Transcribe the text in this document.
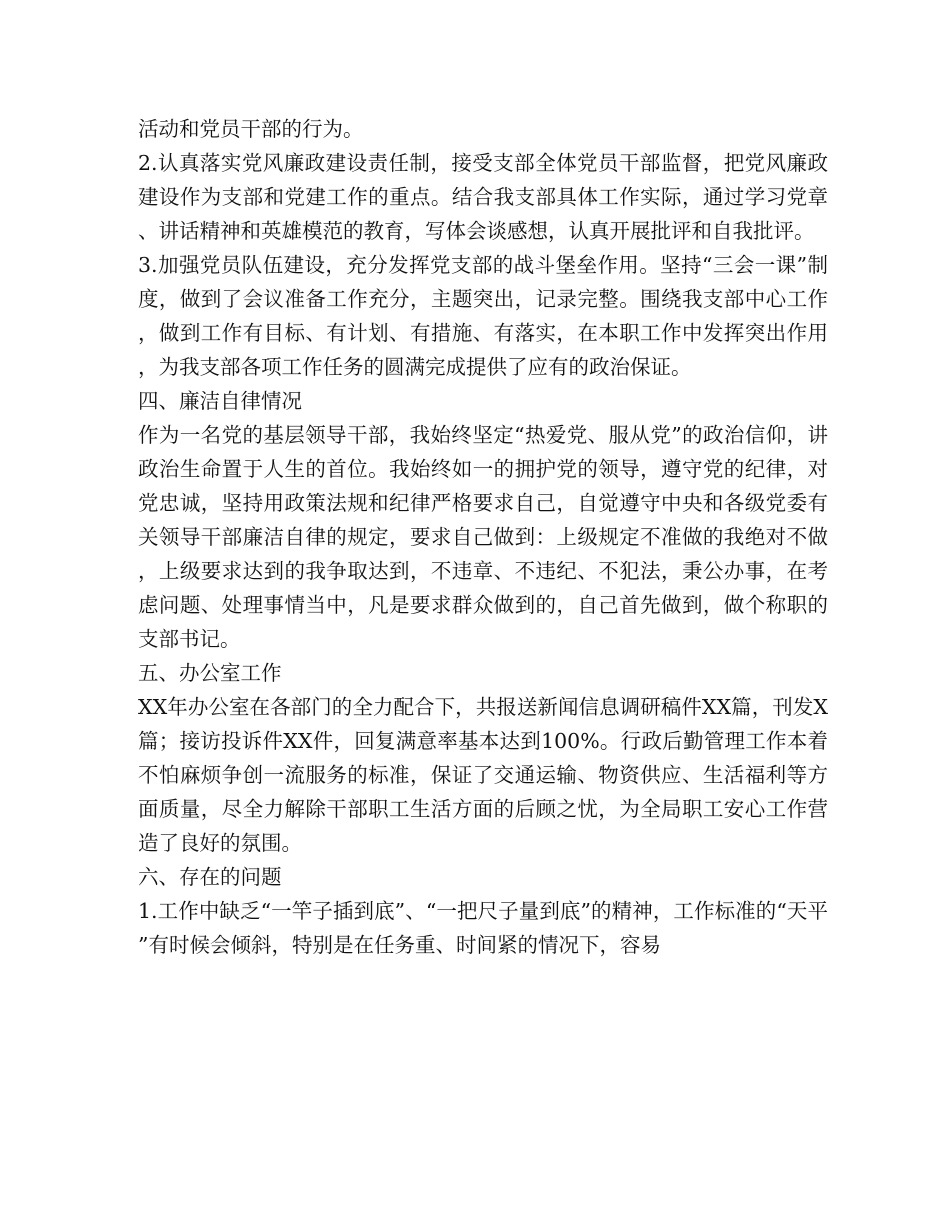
活动和党员干部的行为。

2.认真落实党风廉政建设责任制，接受支部全体党员干部监督，把党风廉政建设作为支部和党建工作的重点。结合我支部具体工作实际，通过学习党章、讲话精神和英雄模范的教育，写体会谈感想，认真开展批评和自我批评。

3.加强党员队伍建设，充分发挥党支部的战斗堡垒作用。坚持“三会一课”制度，做到了会议准备工作充分，主题突出，记录完整。围绕我支部中心工作，做到工作有目标、有计划、有措施、有落实，在本职工作中发挥突出作用，为我支部各项工作任务的圆满完成提供了应有的政治保证。

四、廉洁自律情况

作为一名党的基层领导干部，我始终坚定“热爱党、服从党”的政治信仰，讲政治生命置于人生的首位。我始终如一的拥护党的领导，遵守党的纪律，对党忠诚，坚持用政策法规和纪律严格要求自己，自觉遵守中央和各级党委有关领导干部廉洁自律的规定，要求自己做到：上级规定不准做的我绝对不做，上级要求达到的我争取达到，不违章、不违纪、不犯法，秉公办事，在考虑问题、处理事情当中，凡是要求群众做到的，自己首先做到，做个称职的支部书记。

五、办公室工作

XX年办公室在各部门的全力配合下，共报送新闻信息调研稿件XX篇，刊发X篇；接访投诉件XX件，回复满意率基本达到100%。行政后勤管理工作本着不怕麻烦争创一流服务的标准，保证了交通运输、物资供应、生活福利等方面质量，尽全力解除干部职工生活方面的后顾之忧，为全局职工安心工作营造了良好的氛围。

六、存在的问题

1.工作中缺乏“一竿子插到底”、“一把尺子量到底”的精神，工作标准的“天平”有时候会倾斜，特别是在任务重、时间紧的情况下，容易
